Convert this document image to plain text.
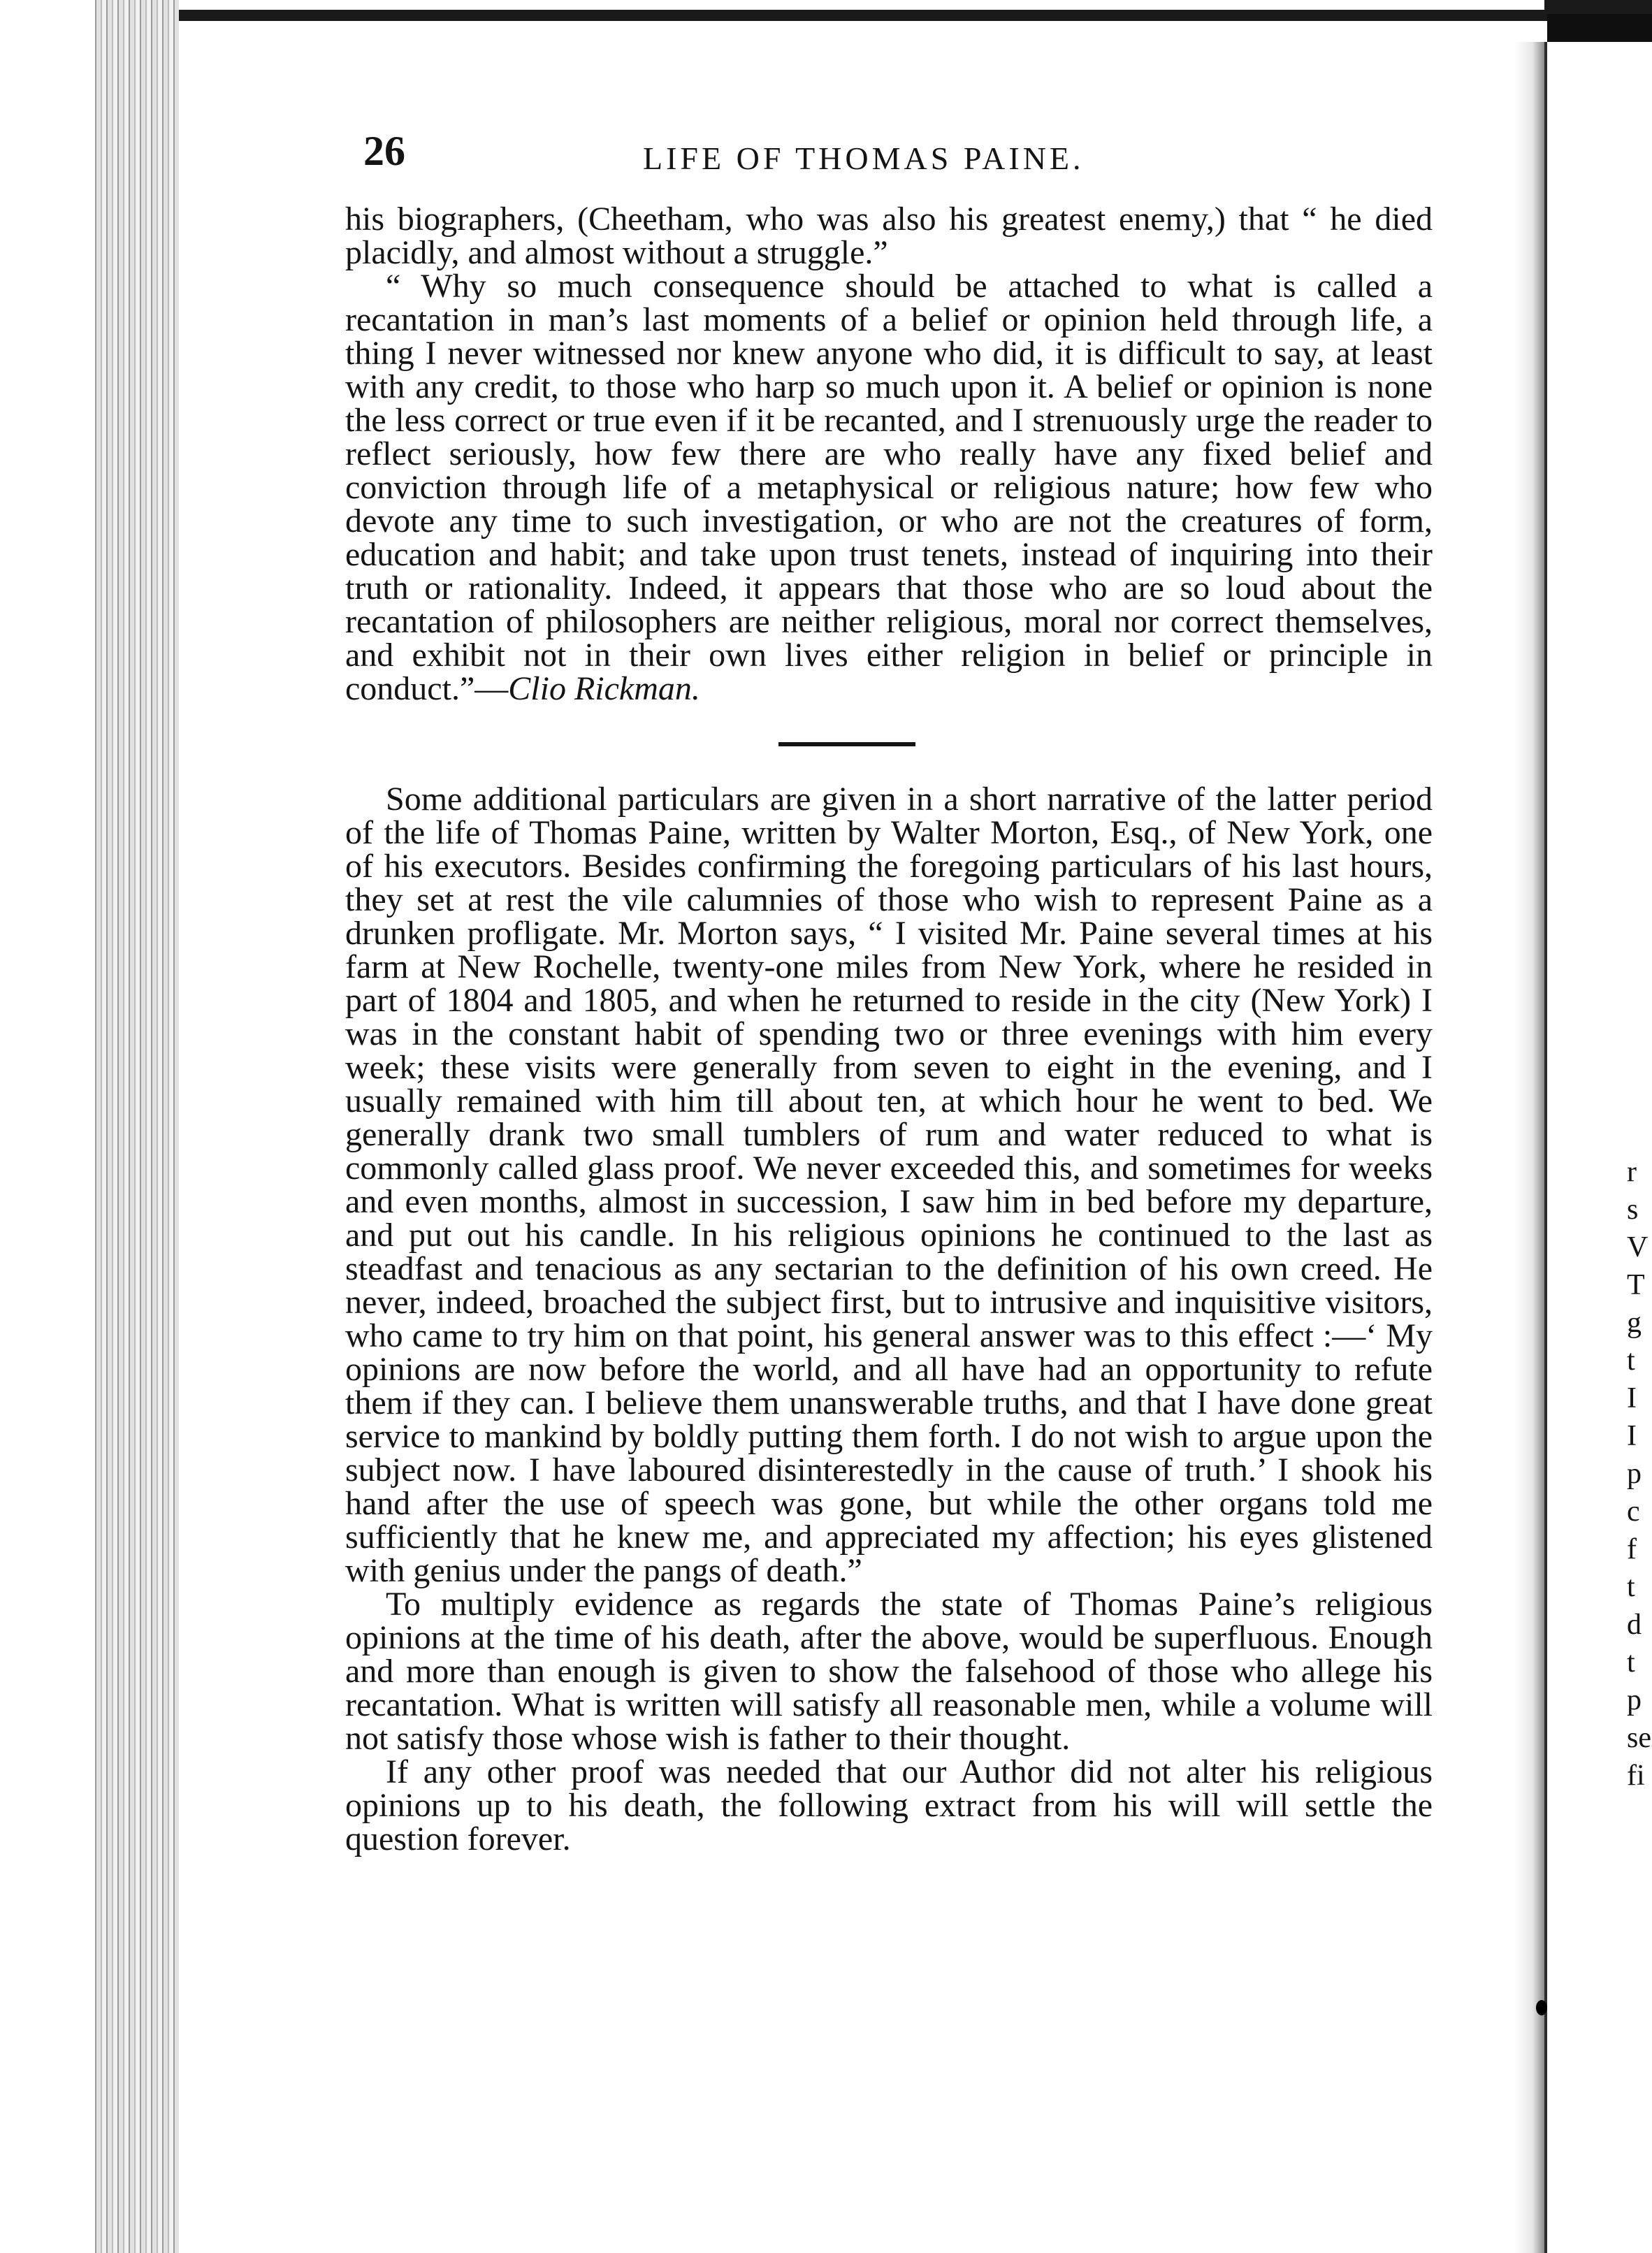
r
s
V
T
g
t
I
I
p
c
f
t
d
t
p
se
fi
26	LIFE OF THOMAS PAINE.

his biographers, (Cheetham, who was also his greatest enemy,) that “ he died placidly, and almost without a struggle.”

“ Why so much consequence should be attached to what is called a recantation in man’s last moments of a belief or opinion held through life, a thing I never witnessed nor knew anyone who did, it is difficult to say, at least with any credit, to those who harp so much upon it. A belief or opinion is none the less correct or true even if it be recanted, and I strenuously urge the reader to reflect seriously, how few there are who really have any fixed belief and conviction through life of a metaphysical or religious nature; how few who devote any time to such investigation, or who are not the creatures of form, education and habit; and take upon trust tenets, instead of inquiring into their truth or rationality. Indeed, it appears that those who are so loud about the recantation of philosophers are neither religious, moral nor correct themselves, and exhibit not in their own lives either religion in belief or principle in conduct.”—Clio Rickman.

Some additional particulars are given in a short narrative of the latter period of the life of Thomas Paine, written by Walter Morton, Esq., of New York, one of his executors. Besides confirming the foregoing particulars of his last hours, they set at rest the vile calumnies of those who wish to represent Paine as a drunken profligate. Mr. Morton says, “ I visited Mr. Paine several times at his farm at New Rochelle, twenty-one miles from New York, where he resided in part of 1804 and 1805, and when he returned to reside in the city (New York) I was in the constant habit of spending two or three evenings with him every week; these visits were generally from seven to eight in the evening, and I usually remained with him till about ten, at which hour he went to bed. We generally drank two small tumblers of rum and water reduced to what is commonly called glass proof. We never exceeded this, and sometimes for weeks and even months, almost in succession, I saw him in bed before my departure, and put out his candle. In his religious opinions he continued to the last as steadfast and tenacious as any sectarian to the definition of his own creed. He never, indeed, broached the subject first, but to intrusive and inquisitive visitors, who came to try him on that point, his general answer was to this effect :—‘ My opinions are now before the world, and all have had an opportunity to refute them if they can. I believe them unanswerable truths, and that I have done great service to mankind by boldly putting them forth. I do not wish to argue upon the subject now. I have laboured disinterestedly in the cause of truth.’ I shook his hand after the use of speech was gone, but while the other organs told me sufficiently that he knew me, and appreciated my affection; his eyes glistened with genius under the pangs of death.”

To multiply evidence as regards the state of Thomas Paine’s religious opinions at the time of his death, after the above, would be superfluous. Enough and more than enough is given to show the falsehood of those who allege his recantation. What is written will satisfy all reasonable men, while a volume will not satisfy those whose wish is father to their thought.

If any other proof was needed that our Author did not alter his religious opinions up to his death, the following extract from his will will settle the question forever.
